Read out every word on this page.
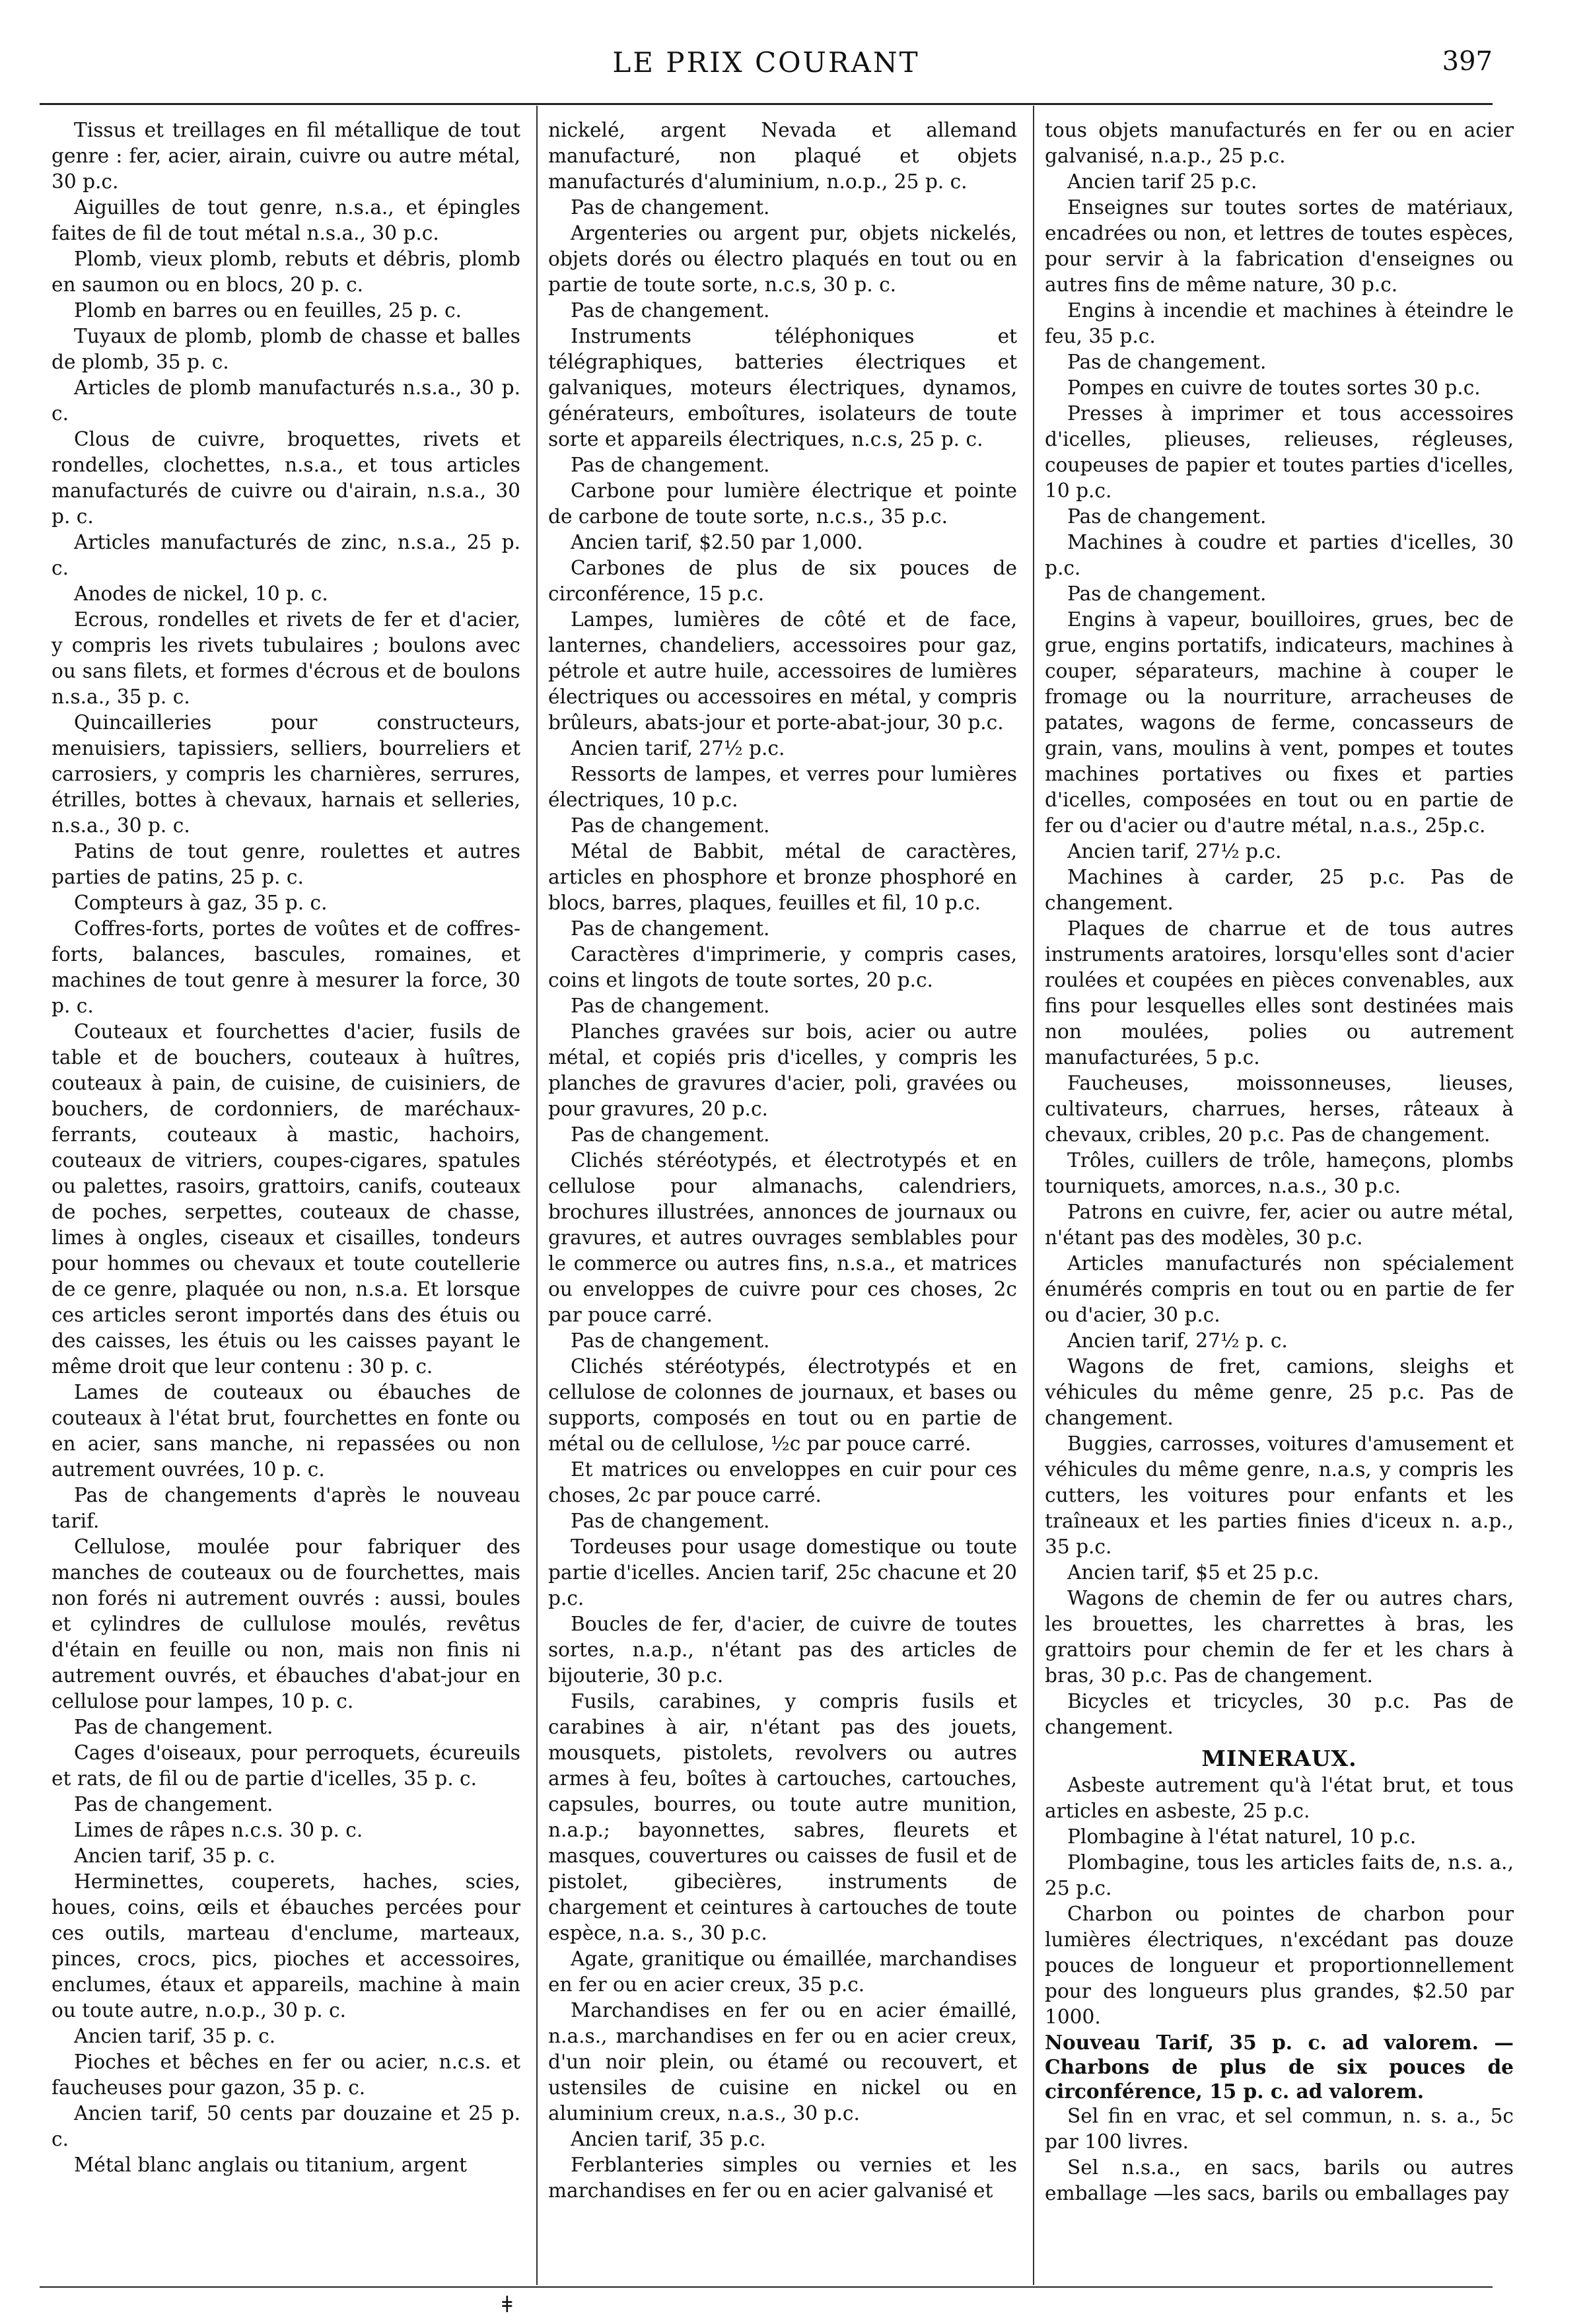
LE PRIX COURANT	397

Tissus et treillages en fil métallique de tout genre : fer, acier, airain, cuivre ou autre métal, 30 p.c.

Aiguilles de tout genre, n.s.a., et épingles faites de fil de tout métal n.s.a., 30 p.c.

Plomb, vieux plomb, rebuts et débris, plomb en saumon ou en blocs, 20 p. c.

Plomb en barres ou en feuilles, 25 p. c.

Tuyaux de plomb, plomb de chasse et balles de plomb, 35 p. c.

Articles de plomb manufacturés n.s.a., 30 p. c.

Clous de cuivre, broquettes, rivets et rondelles, clochettes, n.s.a., et tous articles manufacturés de cuivre ou d'airain, n.s.a., 30 p. c.

Articles manufacturés de zinc, n.s.a., 25 p. c.

Anodes de nickel, 10 p. c.

Ecrous, rondelles et rivets de fer et d'acier, y compris les rivets tubulaires ; boulons avec ou sans filets, et formes d'écrous et de boulons n.s.a., 35 p. c.

Quincailleries pour constructeurs, menuisiers, tapissiers, selliers, bourreliers et carrosiers, y compris les charnières, serrures, étrilles, bottes à chevaux, harnais et selleries, n.s.a., 30 p. c.

Patins de tout genre, roulettes et autres parties de patins, 25 p. c.

Compteurs à gaz, 35 p. c.

Coffres-forts, portes de voûtes et de coffres-forts, balances, bascules, romaines, et machines de tout genre à mesurer la force, 30 p. c.

Couteaux et fourchettes d'acier, fusils de table et de bouchers, couteaux à huîtres, couteaux à pain, de cuisine, de cuisiniers, de bouchers, de cordonniers, de maréchaux-ferrants, couteaux à mastic, hachoirs, couteaux de vitriers, coupes-cigares, spatules ou palettes, rasoirs, grattoirs, canifs, couteaux de poches, serpettes, couteaux de chasse, limes à ongles, ciseaux et cisailles, tondeurs pour hommes ou chevaux et toute coutellerie de ce genre, plaquée ou non, n.s.a. Et lorsque ces articles seront importés dans des étuis ou des caisses, les étuis ou les caisses payant le même droit que leur contenu : 30 p. c.

Lames de couteaux ou ébauches de couteaux à l'état brut, fourchettes en fonte ou en acier, sans manche, ni repassées ou non autrement ouvrées, 10 p. c.

Pas de changements d'après le nouveau tarif.

Cellulose, moulée pour fabriquer des manches de couteaux ou de fourchettes, mais non forés ni autrement ouvrés : aussi, boules et cylindres de cullulose moulés, revêtus d'étain en feuille ou non, mais non finis ni autrement ouvrés, et ébauches d'abat-jour en cellulose pour lampes, 10 p. c.

Pas de changement.

Cages d'oiseaux, pour perroquets, écureuils et rats, de fil ou de partie d'icelles, 35 p. c.

Pas de changement.

Limes de râpes n.c.s. 30 p. c.

Ancien tarif, 35 p. c.

Herminettes, couperets, haches, scies, houes, coins, œils et ébauches percées pour ces outils, marteau d'enclume, marteaux, pinces, crocs, pics, pioches et accessoires, enclumes, étaux et appareils, machine à main ou toute autre, n.o.p., 30 p. c.

Ancien tarif, 35 p. c.

Pioches et bêches en fer ou acier, n.c.s. et faucheuses pour gazon, 35 p. c.

Ancien tarif, 50 cents par douzaine et 25 p. c.

Métal blanc anglais ou titanium, argent

nickelé, argent Nevada et allemand manufacturé, non plaqué et objets manufacturés d'aluminium, n.o.p., 25 p. c.

Pas de changement.

Argenteries ou argent pur, objets nickelés, objets dorés ou électro plaqués en tout ou en partie de toute sorte, n.c.s, 30 p. c.

Pas de changement.

Instruments téléphoniques et télégraphiques, batteries électriques et galvaniques, moteurs électriques, dynamos, générateurs, emboîtures, isolateurs de toute sorte et appareils électriques, n.c.s, 25 p. c.

Pas de changement.

Carbone pour lumière électrique et pointe de carbone de toute sorte, n.c.s., 35 p.c.

Ancien tarif, $2.50 par 1,000.

Carbones de plus de six pouces de circonférence, 15 p.c.

Lampes, lumières de côté et de face, lanternes, chandeliers, accessoires pour gaz, pétrole et autre huile, accessoires de lumières électriques ou accessoires en métal, y compris brûleurs, abats-jour et porte-abat-jour, 30 p.c.

Ancien tarif, 27½ p.c.

Ressorts de lampes, et verres pour lumières électriques, 10 p.c.

Pas de changement.

Métal de Babbit, métal de caractères, articles en phosphore et bronze phosphoré en blocs, barres, plaques, feuilles et fil, 10 p.c.

Pas de changement.

Caractères d'imprimerie, y compris cases, coins et lingots de toute sortes, 20 p.c.

Pas de changement.

Planches gravées sur bois, acier ou autre métal, et copiés pris d'icelles, y compris les planches de gravures d'acier, poli, gravées ou pour gravures, 20 p.c.

Pas de changement.

Clichés stéréotypés, et électrotypés et en cellulose pour almanachs, calendriers, brochures illustrées, annonces de journaux ou gravures, et autres ouvrages semblables pour le commerce ou autres fins, n.s.a., et matrices ou enveloppes de cuivre pour ces choses, 2c par pouce carré.

Pas de changement.

Clichés stéréotypés, électrotypés et en cellulose de colonnes de journaux, et bases ou supports, composés en tout ou en partie de métal ou de cellulose, ½c par pouce carré.

Et matrices ou enveloppes en cuir pour ces choses, 2c par pouce carré.

Pas de changement.

Tordeuses pour usage domestique ou toute partie d'icelles. Ancien tarif, 25c chacune et 20 p.c.

Boucles de fer, d'acier, de cuivre de toutes sortes, n.a.p., n'étant pas des articles de bijouterie, 30 p.c.

Fusils, carabines, y compris fusils et carabines à air, n'étant pas des jouets, mousquets, pistolets, revolvers ou autres armes à feu, boîtes à cartouches, cartouches, capsules, bourres, ou toute autre munition, n.a.p.; bayonnettes, sabres, fleurets et masques, couvertures ou caisses de fusil et de pistolet, gibecières, instruments de chargement et ceintures à cartouches de toute espèce, n.a. s., 30 p.c.

Agate, granitique ou émaillée, marchandises en fer ou en acier creux, 35 p.c.

Marchandises en fer ou en acier émaillé, n.a.s., marchandises en fer ou en acier creux, d'un noir plein, ou étamé ou recouvert, et ustensiles de cuisine en nickel ou en aluminium creux, n.a.s., 30 p.c.

Ancien tarif, 35 p.c.

Ferblanteries simples ou vernies et les marchandises en fer ou en acier galvanisé et

tous objets manufacturés en fer ou en acier galvanisé, n.a.p., 25 p.c.

Ancien tarif 25 p.c.

Enseignes sur toutes sortes de matériaux, encadrées ou non, et lettres de toutes espèces, pour servir à la fabrication d'enseignes ou autres fins de même nature, 30 p.c.

Engins à incendie et machines à éteindre le feu, 35 p.c.

Pas de changement.

Pompes en cuivre de toutes sortes 30 p.c.

Presses à imprimer et tous accessoires d'icelles, plieuses, relieuses, régleuses, coupeuses de papier et toutes parties d'icelles, 10 p.c.

Pas de changement.

Machines à coudre et parties d'icelles, 30 p.c.

Pas de changement.

Engins à vapeur, bouilloires, grues, bec de grue, engins portatifs, indicateurs, machines à couper, séparateurs, machine à couper le fromage ou la nourriture, arracheuses de patates, wagons de ferme, concasseurs de grain, vans, moulins à vent, pompes et toutes machines portatives ou fixes et parties d'icelles, composées en tout ou en partie de fer ou d'acier ou d'autre métal, n.a.s., 25p.c.

Ancien tarif, 27½ p.c.

Machines à carder, 25 p.c. Pas de changement.

Plaques de charrue et de tous autres instruments aratoires, lorsqu'elles sont d'acier roulées et coupées en pièces convenables, aux fins pour lesquelles elles sont destinées mais non moulées, polies ou autrement manufacturées, 5 p.c.

Faucheuses, moissonneuses, lieuses, cultivateurs, charrues, herses, râteaux à chevaux, cribles, 20 p.c. Pas de changement.

Trôles, cuillers de trôle, hameçons, plombs tourniquets, amorces, n.a.s., 30 p.c.

Patrons en cuivre, fer, acier ou autre métal, n'étant pas des modèles, 30 p.c.

Articles manufacturés non spécialement énumérés compris en tout ou en partie de fer ou d'acier, 30 p.c.

Ancien tarif, 27½ p. c.

Wagons de fret, camions, sleighs et véhicules du même genre, 25 p.c. Pas de changement.

Buggies, carrosses, voitures d'amusement et véhicules du même genre, n.a.s, y compris les cutters, les voitures pour enfants et les traîneaux et les parties finies d'iceux n. a.p., 35 p.c.

Ancien tarif, $5 et 25 p.c.

Wagons de chemin de fer ou autres chars, les brouettes, les charrettes à bras, les grattoirs pour chemin de fer et les chars à bras, 30 p.c. Pas de changement.

Bicycles et tricycles, 30 p.c. Pas de changement.

MINERAUX.

Asbeste autrement qu'à l'état brut, et tous articles en asbeste, 25 p.c.

Plombagine à l'état naturel, 10 p.c.

Plombagine, tous les articles faits de, n.s. a., 25 p.c.

Charbon ou pointes de charbon pour lumières électriques, n'excédant pas douze pouces de longueur et proportionnellement pour des longueurs plus grandes, $2.50 par 1000.

Nouveau Tarif, 35 p. c. ad valorem. — Charbons de plus de six pouces de circonférence, 15 p. c. ad valorem.

Sel fin en vrac, et sel commun, n. s. a., 5c par 100 livres.

Sel n.s.a., en sacs, barils ou autres emballage —les sacs, barils ou emballages pay

ǂ
